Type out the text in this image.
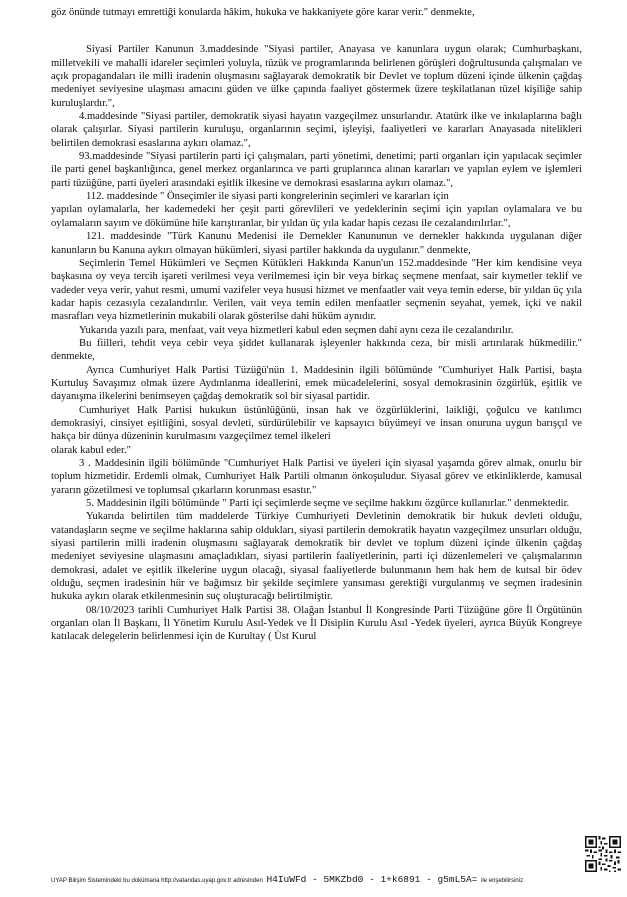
göz önünde tutmayı emrettiği konularda hâkim, hukuka ve hakkaniyete göre karar verir." denmekte,

Siyasi Partiler Kanunun 3.maddesinde "Siyasi partiler, Anayasa ve kanunlara uygun olarak; Cumhurbaşkanı, milletvekili ve mahalli idareler seçimleri yoluyla, tüzük ve programlarında belirlenen görüşleri doğrultusunda çalışmaları ve açık propagandaları ile milli iradenin oluşmasını sağlayarak demokratik bir Devlet ve toplum düzeni içinde ülkenin çağdaş medeniyet seviyesine ulaşması amacını güden ve ülke çapında faaliyet göstermek üzere teşkilatlanan tüzel kişiliğe sahip kuruluşlardır.",

4.maddesinde "Siyasi partiler, demokratik siyasi hayatın vazgeçilmez unsurlarıdır. Atatürk ilke ve inkılaplarına bağlı olarak çalışırlar. Siyasi partilerin kuruluşu, organlarının seçimi, işleyişi, faaliyetleri ve kararları Anayasada nitelikleri belirtilen demokrasi esaslarına aykırı olamaz.",

93.maddesinde "Siyasi partilerin parti içi çalışmaları, parti yönetimi, denetimi; parti organları için yapılacak seçimler ile parti genel başkanlığınca, genel merkez organlarınca ve parti gruplarınca alınan kararları ve yapılan eylem ve işlemleri parti tüzüğüne, parti üyeleri arasındaki eşitlik ilkesine ve demokrasi esaslarına aykırı olamaz.",

112. maddesinde " Önseçimler ile siyasi parti kongrelerinin seçimleri ve kararları için

yapılan oylamalarla, her kademedeki her çeşit parti görevlileri ve yedeklerinin seçimi için yapılan oylamalara ve bu oylamaların sayım ve dökümüne hile karıştıranlar, bir yıldan üç yıla kadar hapis cezası ile cezalandırılırlar.",

121. maddesinde "Türk Kanunu Medenisi ile Dernekler Kanununun ve dernekler hakkında uygulanan diğer kanunların bu Kanuna aykırı olmayan hükümleri, siyasi partiler hakkında da uygulanır." denmekte,

Seçimlerin Temel Hükümleri ve Seçmen Kütükleri Hakkında Kanun'un 152.maddesinde "Her kim kendisine veya başkasına oy veya tercih işareti verilmesi veya verilmemesi için bir veya birkaç seçmene menfaat, sair kıymetler teklif ve vadeder veya verir, yahut resmi, umumi vazifeler veya hususi hizmet ve menfaatler vait veya temin ederse, bir yıldan üç yıla kadar hapis cezasıyla cezalandırılır. Verilen, vait veya temin edilen menfaatler seçmenin seyahat, yemek, içki ve nakil masrafları veya hizmetlerinin mukabili olarak gösterilse dahi hüküm aynıdır.

Yukarıda yazılı para, menfaat, vait veya hizmetleri kabul eden seçmen dahi aynı ceza ile cezalandırılır.

Bu fiilleri, tehdit veya cebir veya şiddet kullanarak işleyenler hakkında ceza, bir misli artırılarak hükmedilir." denmekte,

Ayrıca Cumhuriyet Halk Partisi Tüzüğü'nün 1. Maddesinin ilgili bölümünde "Cumhuriyet Halk Partisi, başta Kurtuluş Savaşımız olmak üzere Aydınlanma ideallerini, emek mücadelelerini, sosyal demokrasinin özgürlük, eşitlik ve dayanışma ilkelerini benimseyen çağdaş demokratik sol bir siyasal partidir.

Cumhuriyet Halk Partisi hukukun üstünlüğünü, insan hak ve özgürlüklerini, laikliği, çoğulcu ve katılımcı demokrasiyi, cinsiyet eşitliğini, sosyal devleti, sürdürülebilir ve kapsayıcı büyümeyi ve insan onuruna uygun barışçıl ve hakça bir dünya düzeninin kurulmasını vazgeçilmez temel ilkeleri

olarak kabul eder."

3 . Maddesinin ilgili bölümünde "Cumhuriyet Halk Partisi ve üyeleri için siyasal yaşamda görev almak, onurlu bir toplum hizmetidir. Erdemli olmak, Cumhuriyet Halk Partili olmanın önkoşuludur. Siyasal görev ve etkinliklerde, kamusal yararın gözetilmesi ve toplumsal çıkarların korunması esastır."

5. Maddesinin ilgili bölümünde " Parti içi seçimlerde seçme ve seçilme hakkını özgürce kullanırlar." denmektedir.

Yukarıda belirtilen tüm maddelerde Türkiye Cumhuriyeti Devletinin demokratik bir hukuk devleti olduğu, vatandaşların seçme ve seçilme haklarına sahip oldukları, siyasi partilerin demokratik hayatın vazgeçilmez unsurları olduğu, siyasi partilerin milli iradenin oluşmasını sağlayarak demokratik bir devlet ve toplum düzeni içinde ülkenin çağdaş medeniyet seviyesine ulaşmasını amaçladıkları, siyasi partilerin faaliyetlerinin, parti içi düzenlemeleri ve çalışmalarının demokrasi, adalet ve eşitlik ilkelerine uygun olacağı, siyasal faaliyetlerde bulunmanın hem hak hem de kutsal bir ödev olduğu, seçmen iradesinin hür ve bağımsız bir şekilde seçimlere yansıması gerektiği vurgulanmış ve seçmen iradesinin hukuka aykırı olarak etkilenmesinin suç oluşturacağı belirtilmiştir.

08/10/2023 tarihli Cumhuriyet Halk Partisi 38. Olağan İstanbul İl Kongresinde Parti Tüzüğüne göre İl Örgütünün organları olan İl Başkanı, İl Yönetim Kurulu Asıl-Yedek ve İl Disiplin Kurulu Asıl -Yedek üyeleri, ayrıca Büyük Kongreye katılacak delegelerin belirlenmesi için de Kurultay ( Üst Kurul

UYAP Bilişim Sistemindeki bu dokümana http://vatandas.uyap.gov.tr adresinden H4IuWFd - 5MKZbd0 - 1+k6891 - g5mL5A= ile erişebilirsiniz
